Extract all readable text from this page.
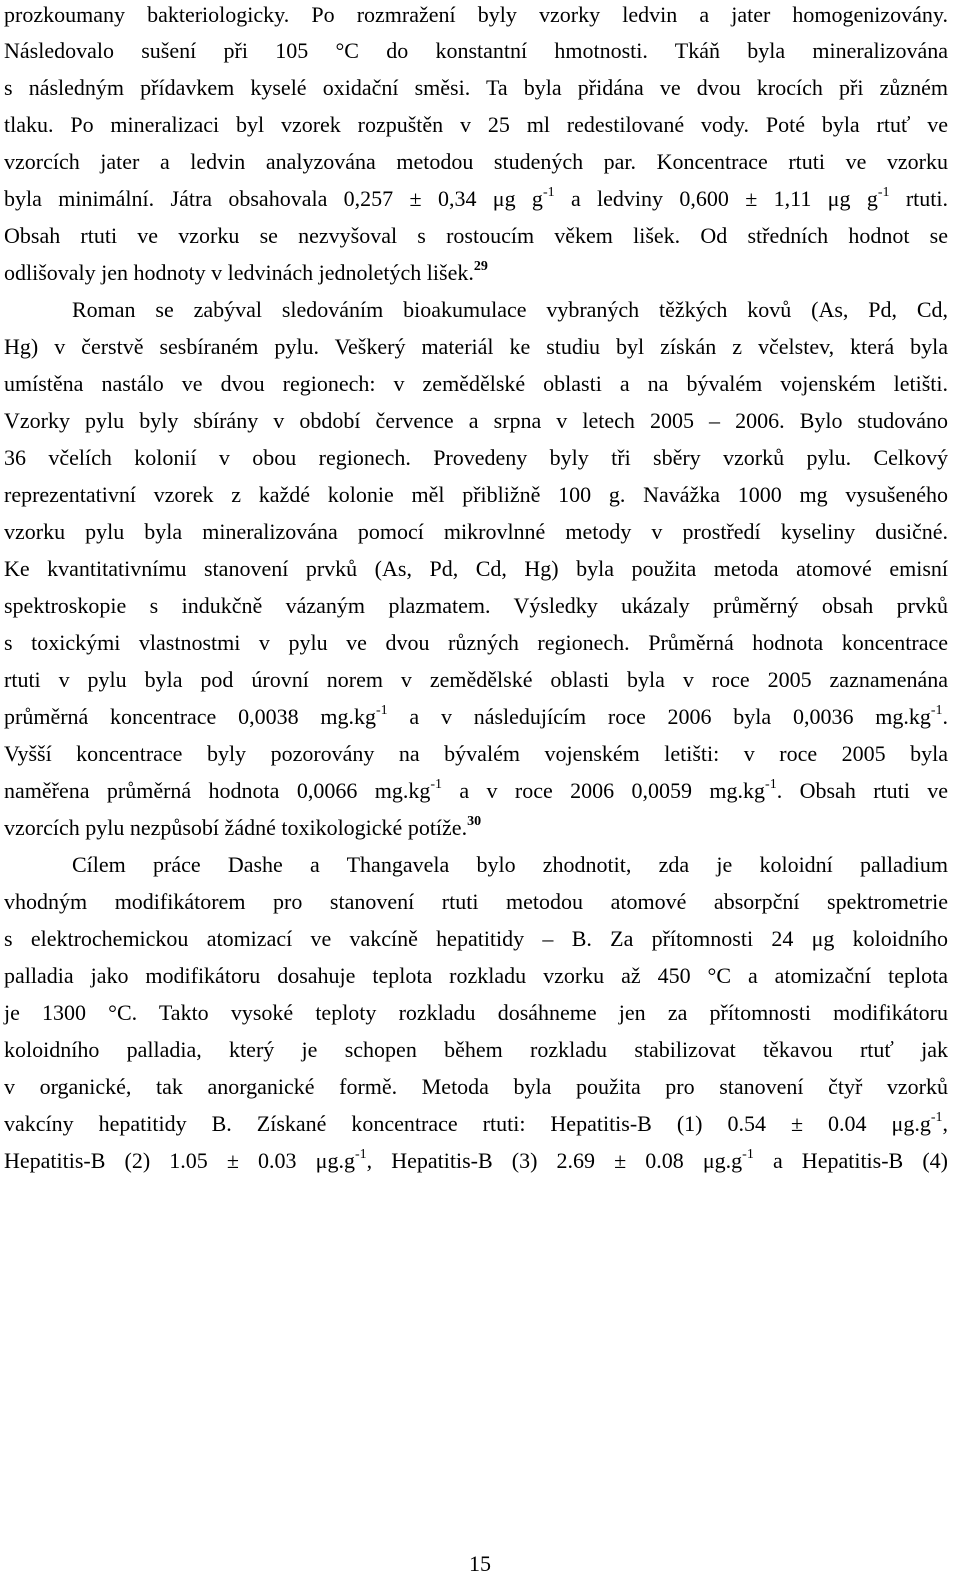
prozkoumany bakteriologicky. Po rozmražení byly vzorky ledvin a jater homogenizovány.
Následovalo sušení při 105 °C do konstantní hmotnosti. Tkáň byla mineralizována
s následným přídavkem kyselé oxidační směsi. Ta byla přidána ve dvou krocích při zůzném
tlaku. Po mineralizaci byl vzorek rozpuštěn v 25 ml redestilované vody. Poté byla rtuť ve
vzorcích jater a ledvin analyzována metodou studených par. Koncentrace rtuti ve vzorku
byla minimální. Játra obsahovala 0,257 ± 0,34 μg $g^{-1}$ a ledviny 0,600 ± 1,11 μg $g^{-1}$ rtuti.
Obsah rtuti ve vzorku se nezvyšoval s rostoucím věkem lišek. Od středních hodnot se
odlišovaly jen hodnoty v ledvinách jednoletých lišek.$^{29}$
Roman se zabýval sledováním bioakumulace vybraných těžkých kovů (As, Pd, Cd,
Hg) v čerstvě sesbíraném pylu. Veškerý materiál ke studiu byl získán z včelstev, která byla
umístěna nastálo ve dvou regionech: v zemědělské oblasti a na bývalém vojenském letišti.
Vzorky pylu byly sbírány v období července a srpna v letech 2005 – 2006. Bylo studováno
36 včelích kolonií v obou regionech. Provedeny byly tři sběry vzorků pylu. Celkový
reprezentativní vzorek z každé kolonie měl přibližně 100 g. Navážka 1000 mg vysušeného
vzorku pylu byla mineralizována pomocí mikrovlnné metody v prostředí kyseliny dusičné.
Ke kvantitativnímu stanovení prvků (As, Pd, Cd, Hg) byla použita metoda atomové emisní
spektroskopie s indukčně vázaným plazmatem. Výsledky ukázaly průměrný obsah prvků
s toxickými vlastnostmi v pylu ve dvou různých regionech. Průměrná hodnota koncentrace
rtuti v pylu byla pod úrovní norem v zemědělské oblasti byla v roce 2005 zaznamenána
průměrná koncentrace 0,0038 $mg.kg^{-1}$ a v následujícím roce 2006 byla 0,0036 $mg.kg^{-1}$.
Vyšší koncentrace byly pozorovány na bývalém vojenském letišti: v roce 2005 byla
naměřena průměrná hodnota 0,0066 $mg.kg^{-1}$ a v roce 2006 0,0059 $mg.kg^{-1}$. Obsah rtuti ve
vzorcích pylu nezpůsobí žádné toxikologické potíže.$^{30}$
Cílem práce Dashe a Thangavela bylo zhodnotit, zda je koloidní palladium
vhodným modifikátorem pro stanovení rtuti metodou atomové absorpční spektrometrie
s elektrochemickou atomizací ve vakcíně hepatitidy – B. Za přítomnosti 24 μg koloidního
palladia jako modifikátoru dosahuje teplota rozkladu vzorku až 450 °C a atomizační teplota
je 1300 °C. Takto vysoké teploty rozkladu dosáhneme jen za přítomnosti modifikátoru
koloidního palladia, který je schopen během rozkladu stabilizovat těkavou rtuť jak
v organické, tak anorganické formě. Metoda byla použita pro stanovení čtyř vzorků
vakcíny hepatitidy B. Získané koncentrace rtuti: Hepatitis-B (1) 0.54 ± 0.04 $\mu g.g^{-1}$,
Hepatitis-B (2) 1.05 ± 0.03 $\mu g.g^{-1}$, Hepatitis-B (3) 2.69 ± 0.08 $\mu g.g^{-1}$ a Hepatitis-B (4)
15
